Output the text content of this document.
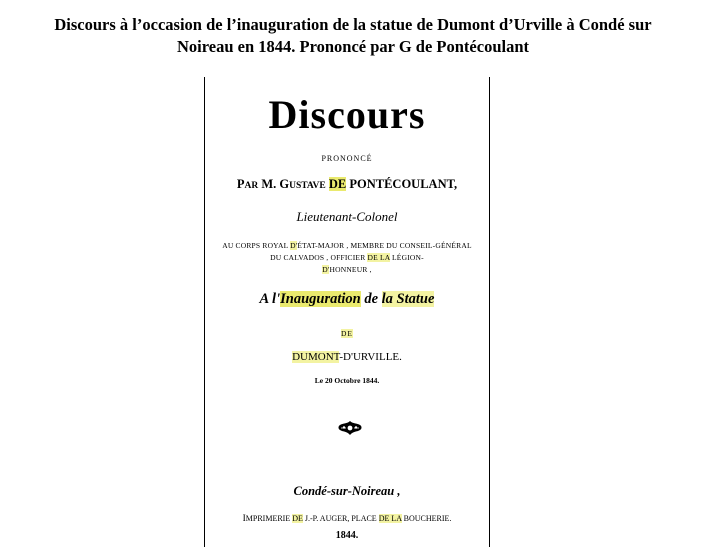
Discours à l’occasion de l’inauguration de la statue de Dumont d’Urville à Condé sur
Noireau en 1844. Prononcé par G de Pontécoulant
Discours
PRONONCÉ
PAR M. GUSTAVE DE PONTÉCOULANT,
Lieutenant-Colonel
AU CORPS ROYAL D'ÉTAT-MAJOR , MEMBRE DU CONSEIL-GÉNÉRAL
DU CALVADOS , OFFICIER DE LA LÉGION-
D'HONNEUR ,
A l'Inauguration de la Statue
DE
DUMONT-D'URVILLE.
Le 20 Octobre 1844.
Condé-sur-Noireau ,
IMPRIMERIE DE J.-P. AUGER, PLACE DE LA BOUCHERIE.
1844.
